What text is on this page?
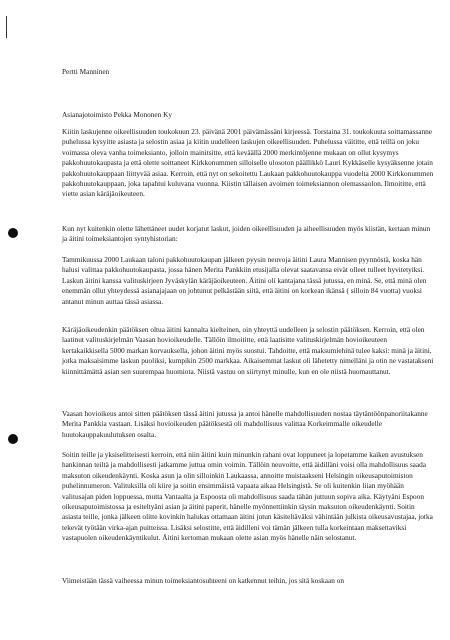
Pertti Manninen

Asianajotoimisto Pekka Mononen Ky

Kiitin laskujenne oikeellisuuden toukokuun 23. päivänä 2001 päivämässäni kirjeessä. Torstaina 31. toukokuuta soittamassanne puhelussa kysyitte asiasta ja selostin asiaa ja kiitin uudelleen laskujen oikeellisuuden. Puhelussa väititte, että teillä on joku voimassa oleva vanha toimeksianto, jolloin mainitsitte, että keväällä 2000 merkintöjenne mukaan on ollut kysymys pakkohuutokaupasta ja että olette soittaneet Kirkkonummen silloiselle ulosoton päällikkö Lauri Kykkäselle kysyäksenne jotain pakkohuutokauppaan liittyvää asiaa. Kerroin, että nyt on sekoitettu Laukaan pakkohuutokauppa vuodelta 2000 Kirkkonummen pakkohuutokauppaan, joka tapahtui kuluvana vuonna. Kiistin tällaisen avoimen toimeksiannon olemassaolon. Ilmoititte, että viette asian käräjäoikeuteen.

Kun nyt kuitenkin olette lähettäneet uudet korjatut laskut, joiden oikeellisuuden ja aiheellisuuden myös kiistän, kertaan minun ja äitini toimeksiantojen syntyhistorian:

Tammikuussa 2000 Laukaan taloni pakkohuutokaupan jälkeen pyysin neuvoja äitini Laura Mannisen pyynnöstä, koska hän halusi valittaa pakkohuutokaupasta, jossa hänen Merita Pankkiin etusijalla olevat saatavansa eivät olleet tulleet hyvitetyiksi. Laskun äitini kanssa valituskirjeen Jyväskylän käräjäoikeuteen. Äitini oli kantajana tässä jutussa, en minä. Se, että minä olen enemmän ollut yhteydessä asianajajaan on johtunut pelkästään siitä, että äitini on korkean ikänsä ( silloin 84 vuotta) vuoksi antanut minun auttaa tässä asiassa.

Käräjäoikeudenkin päätöksen oltua äitini kannalta kielteinen, oin yhteyttä uudelleen ja selostin päätöksen. Kerroin, että olen laatinut valituskirjelmän Vaasan hovioikeudelle. Tällöin ilmoititte, että laatisitte valituskirjelmän hovioikeuteen kertakaikkisella 5000 markan korvauksella, johon äitini myös suostui. Tahdoitte, että maksumiehinä tulee kaksi: minä ja äitini, jotka maksaisimme laskun puoliksi, kumpikin 2500 markkaa. Aikaisemmat laskut oli lähetetty nimelläni ja otin ne vastatakseni kiinnittämättä asian sen suurempaa huomiota. Niistä vastuu on siirtynyt minulle, kun en ole niistä huomauttanut.

Vaasan hovioikeus antoi sitten päätöksen tässä äitini jutussa ja antoi hänelle mahdollisuuden nostaa täytäntöönpanoriitakanne Merita Pankkia vastaan. Lisäksi hovioikeuden päätöksestä oli mahdollisuus valittaa Korkeimmalle oikeudelle huutokauppakuulutuksen osalta.

Soitin teille ja yksiselitteisesti kerroin, että niin äitini kuin minunkin rahani ovat loppuneet ja lopetamme kaiken avustuksen hankinnan teiltä ja mahdollisesti jatkamme juttua omin voimin. Tällöin neuvoitte, että äidilläni voisi olla mahdollisuus saada maksuton oikeudenkäynti. Koska asun ja olin silloinkin Laukaassa, annoitte muistaakseni Helsingin oikeusaputoimiston puhelinnumeron. Valituksilla oli kiire ja soitin ensimmäistä vapaata aikaa Helsingistä. Se oli kuitenkin liian myöhään valitusajan piden loppuessa, mutta Vantaalta ja Espoosta oli mahdollisuus saada tähän juttuun sopiva aika. Käytyäni Espoon oikeusaputoimistossa ja esiteltyäni asian ja äitini paperit, hänelle myönnettiinkin täysin maksuton oikeudenkäynti. Soitin asiasta teille, jonka jälkeen olitte kovinkin halukas ottamaan äitini jutun käsiteltäväksi vähintään julkista oikeusavustajaa, jotka tekevät työtään virka-ajan puitteissa. Lisäksi selostitte, että äidilleni voi tämän jälkeen tulla korkeintaan maksettaviksi vastapuolen oikeudenkäyntikulut. Äitini kertoman mukaan olette asian myös hänelle näin selostanut.

Viimeistään tässä vaiheessa minun toimeksiantosuhteeni on katkennut teihin, jos sitä koskaan on
